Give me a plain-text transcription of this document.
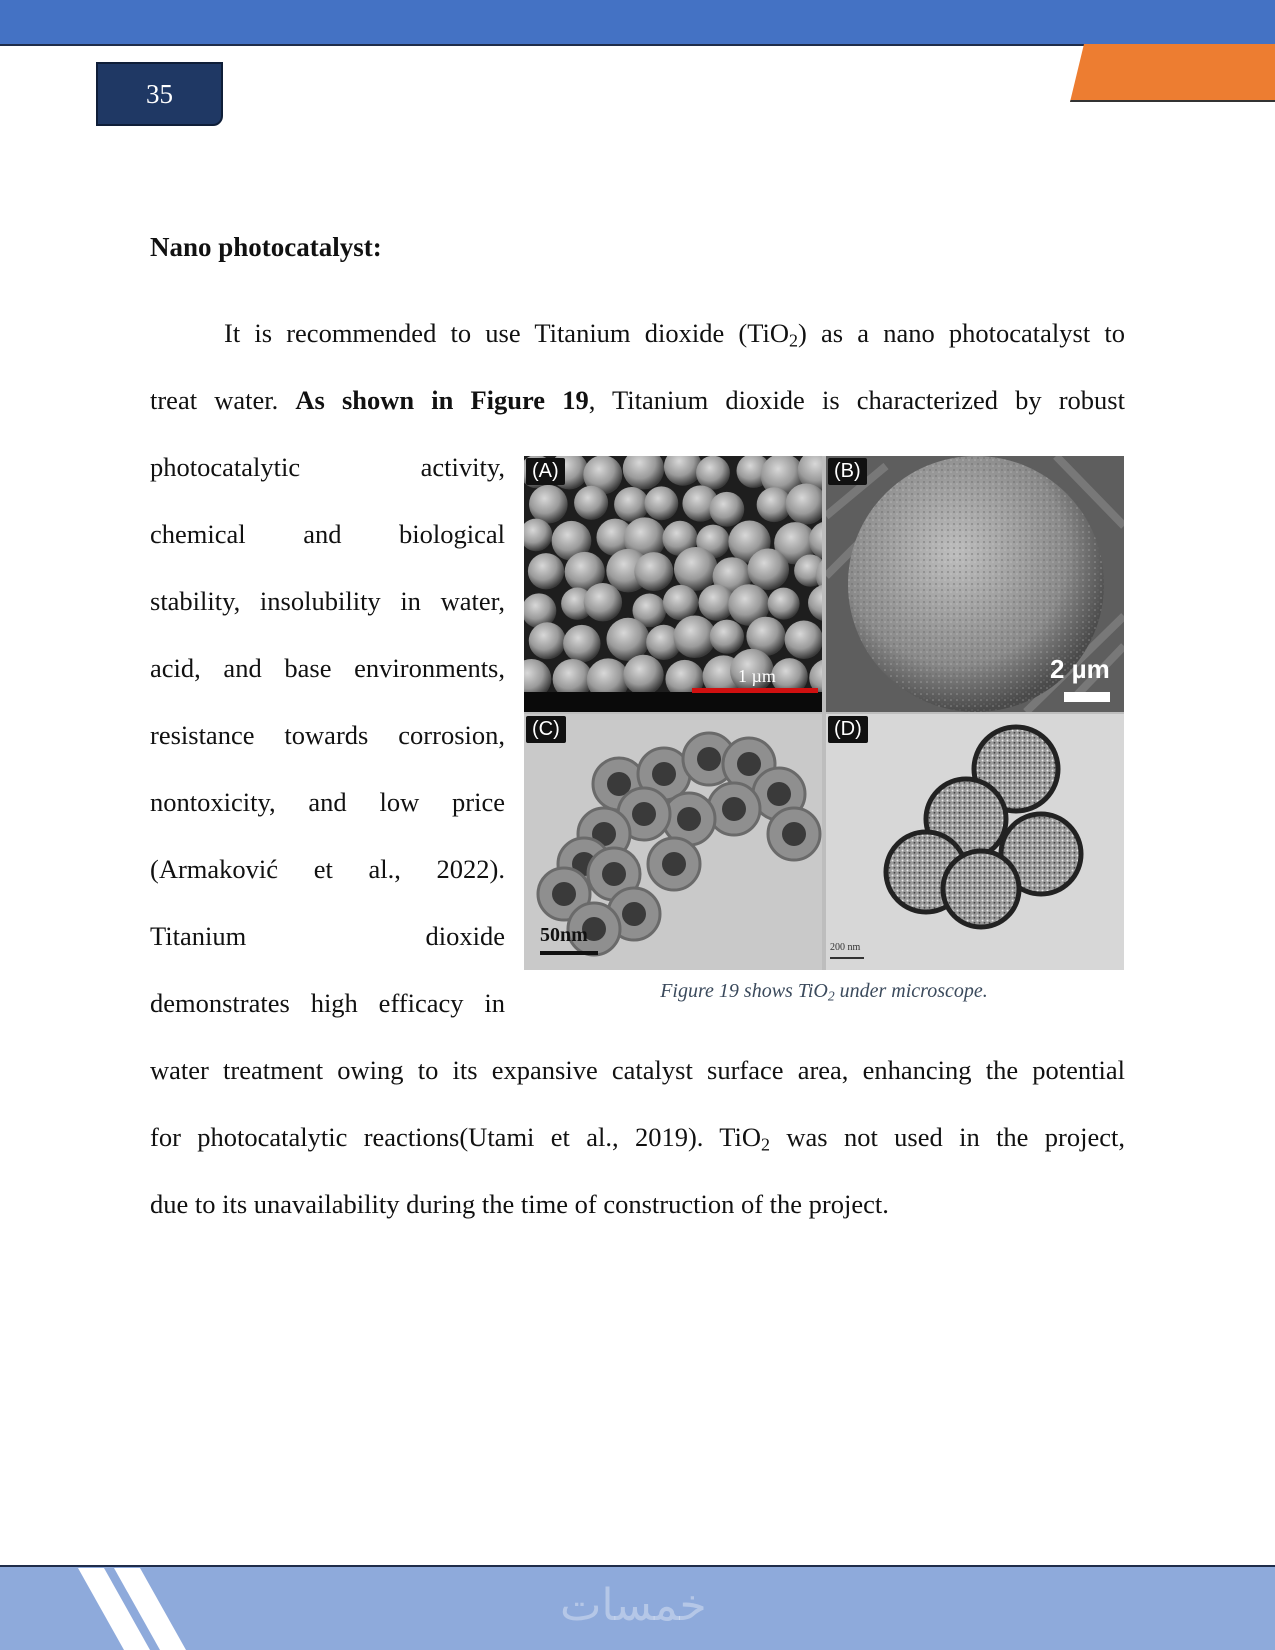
35
Nano photocatalyst:
It is recommended to use Titanium dioxide (TiO$_2$) as a nano photocatalyst to
treat water. As shown in Figure 19, Titanium dioxide is characterized by robust
photocatalytic activity,
chemical and biological
stability, insolubility in water,
acid, and base environments,
resistance towards corrosion,
nontoxicity, and low price
(Armaković et al., 2022).
Titanium dioxide
demonstrates high efficacy in
water treatment owing to its expansive catalyst surface area, enhancing the potential
for photocatalytic reactions(Utami et al., 2019). TiO$_2$ was not used in the project,
due to its unavailability during the time of construction of the project.
(A)
1 µm
(B)
2 µm
(C)
50nm
(D)
200 nm
Figure 19 shows TiO$_2$ under microscope.
خمسات
